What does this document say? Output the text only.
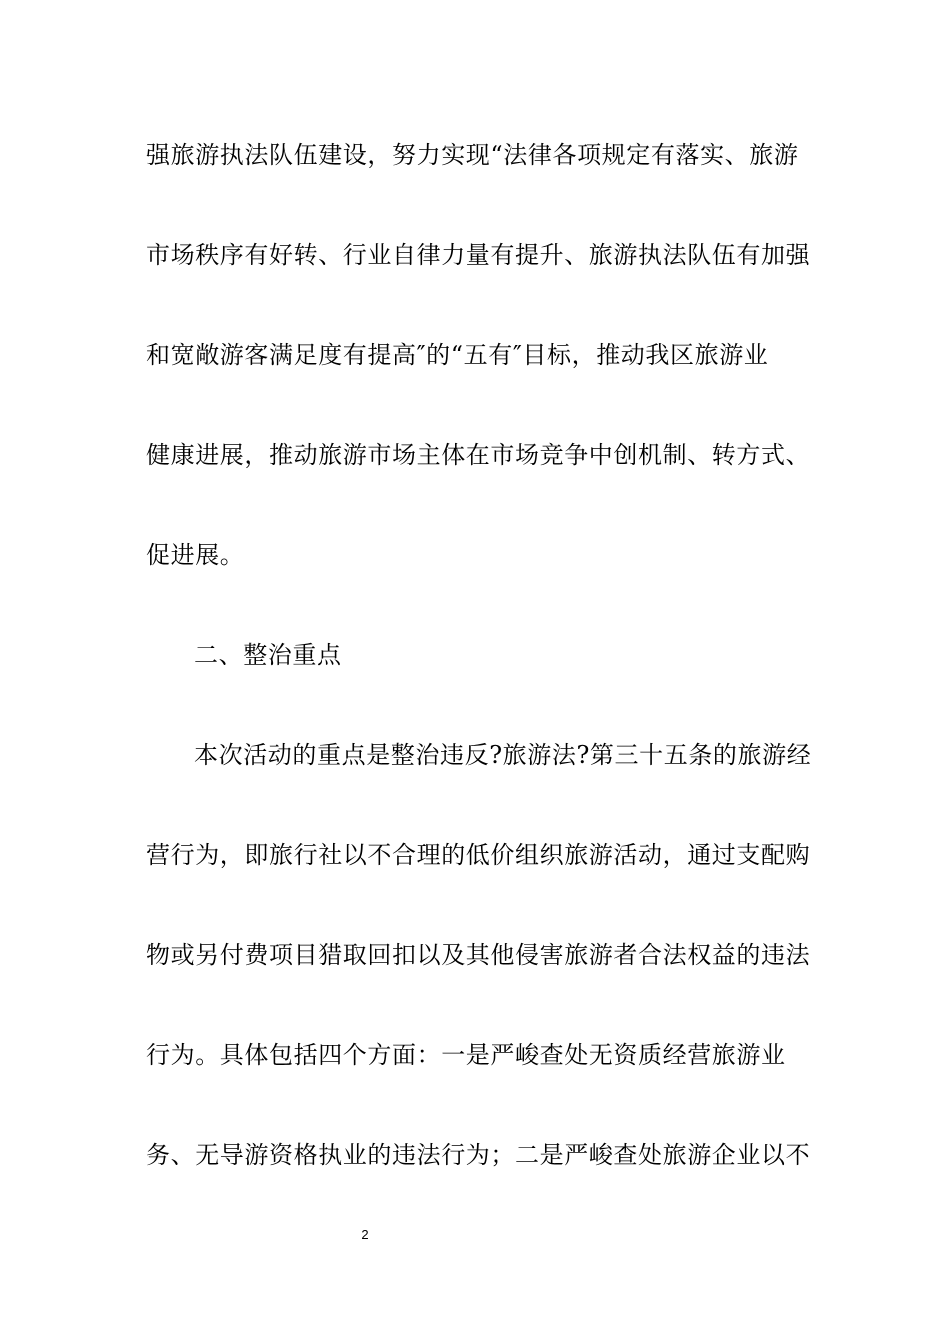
强旅游执法队伍建设，努力实现“法律各项规定有落实、旅游
市场秩序有好转、行业自律力量有提升、旅游执法队伍有加强
和宽敞游客满足度有提高″的“五有″目标，推动我区旅游业
健康进展，推动旅游市场主体在市场竞争中创机制、转方式、
促进展。
二、整治重点
本次活动的重点是整治违反?旅游法?第三十五条的旅游经
营行为，即旅行社以不合理的低价组织旅游活动，通过支配购
物或另付费项目猎取回扣以及其他侵害旅游者合法权益的违法
行为。具体包括四个方面：一是严峻查处无资质经营旅游业
务、无导游资格执业的违法行为；二是严峻查处旅游企业以不
2
